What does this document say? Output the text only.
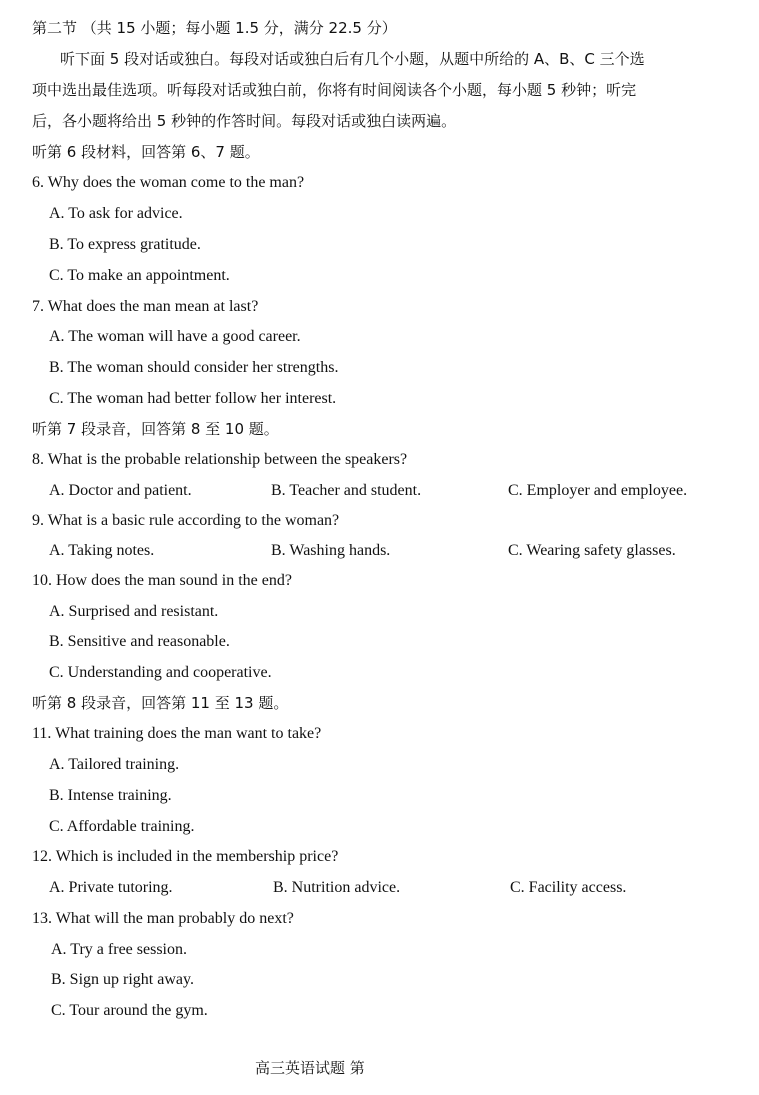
第二节 （共 15 小题；每小题 1.5 分，满分 22.5 分）
听下面 5 段对话或独白。每段对话或独白后有几个小题，从题中所给的 A、B、C 三个选
项中选出最佳选项。听每段对话或独白前，你将有时间阅读各个小题，每小题 5 秒钟；听完
后，各小题将给出 5 秒钟的作答时间。每段对话或独白读两遍。
听第 6 段材料，回答第 6、7 题。
6. Why does the woman come to the man?
A. To ask for advice.
B. To express gratitude.
C. To make an appointment.
7. What does the man mean at last?
A. The woman will have a good career.
B. The woman should consider her strengths.
C. The woman had better follow her interest.
听第 7 段录音，回答第 8 至 10 题。
8. What is the probable relationship between the speakers?
A. Doctor and patient.	B. Teacher and student.	C. Employer and employee.
9. What is a basic rule according to the woman?
A. Taking notes.	B. Washing hands.	C. Wearing safety glasses.
10. How does the man sound in the end?
A. Surprised and resistant.
B. Sensitive and reasonable.
C. Understanding and cooperative.
听第 8 段录音，回答第 11 至 13 题。
11. What training does the man want to take?
A. Tailored training.
B. Intense training.
C. Affordable training.
12. Which is included in the membership price?
A. Private tutoring.	B. Nutrition advice.	C. Facility access.
13. What will the man probably do next?
A. Try a free session.
B. Sign up right away.
C. Tour around the gym.
高三英语试题 第
